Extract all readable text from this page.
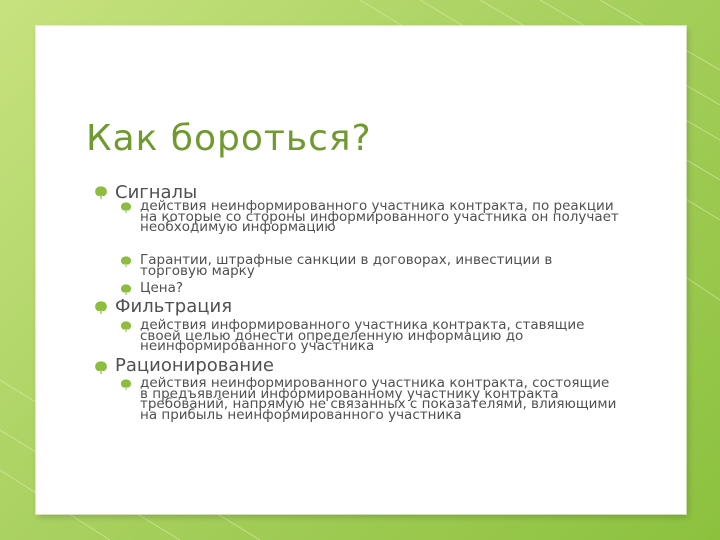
Как бороться?
Сигналы
действия неинформированного участника контракта, по реакции на которые со стороны информированного участника он получает необходимую информацию
Гарантии, штрафные санкции в договорах, инвестиции в торговую марку
Цена?
Фильтрация
действия информированного участника контракта, ставящие своей целью донести определенную информацию до неинформированного участника
Рационирование
действия неинформированного участника контракта, состоящие в предъявлении информированному участнику контракта требований, напрямую не связанных с показателями, влияющими на прибыль неинформированного участника
